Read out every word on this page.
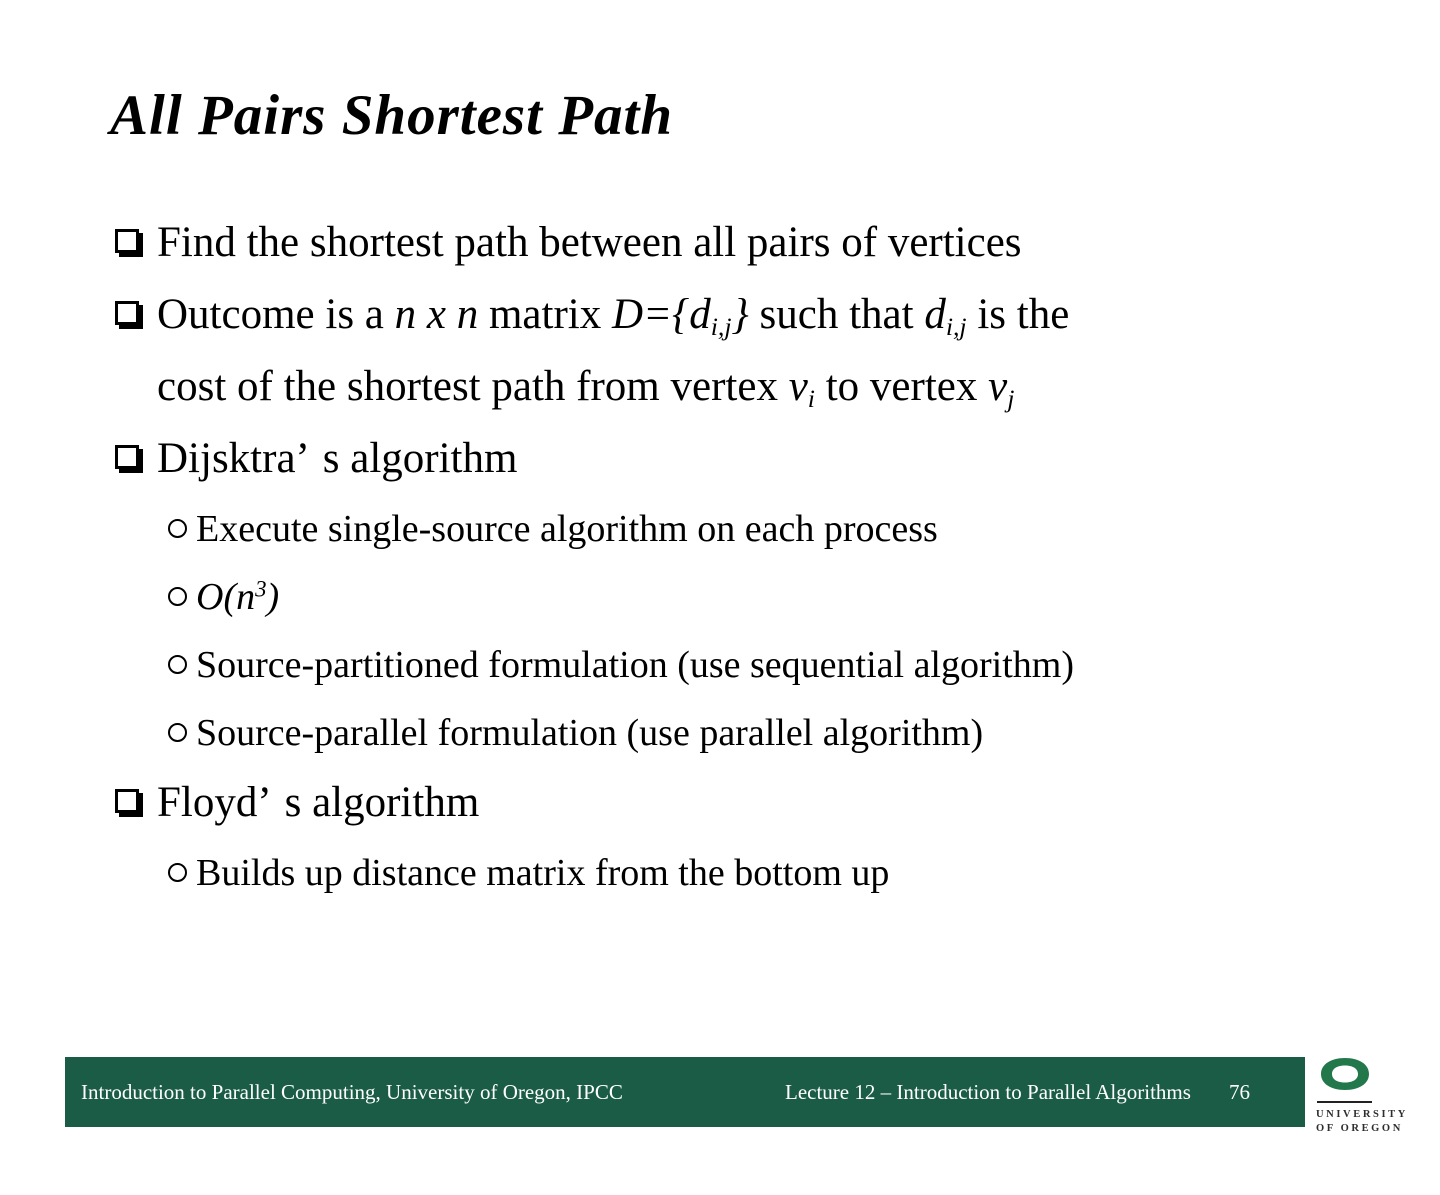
All Pairs Shortest Path
Find the shortest path between all pairs of vertices
Outcome is a n x n matrix D={di,j} such that di,j is the
cost of the shortest path from vertex vi to vertex vj
Dijsktra’ s algorithm
Execute single-source algorithm on each process
$O(n^3)$
Source-partitioned formulation (use sequential algorithm)
Source-parallel formulation (use parallel algorithm)
Floyd’ s algorithm
Builds up distance matrix from the bottom up
Introduction to Parallel Computing, University of Oregon, IPCC	Lecture 12 – Introduction to Parallel Algorithms 76
UNIVERSITY
OF OREGON
